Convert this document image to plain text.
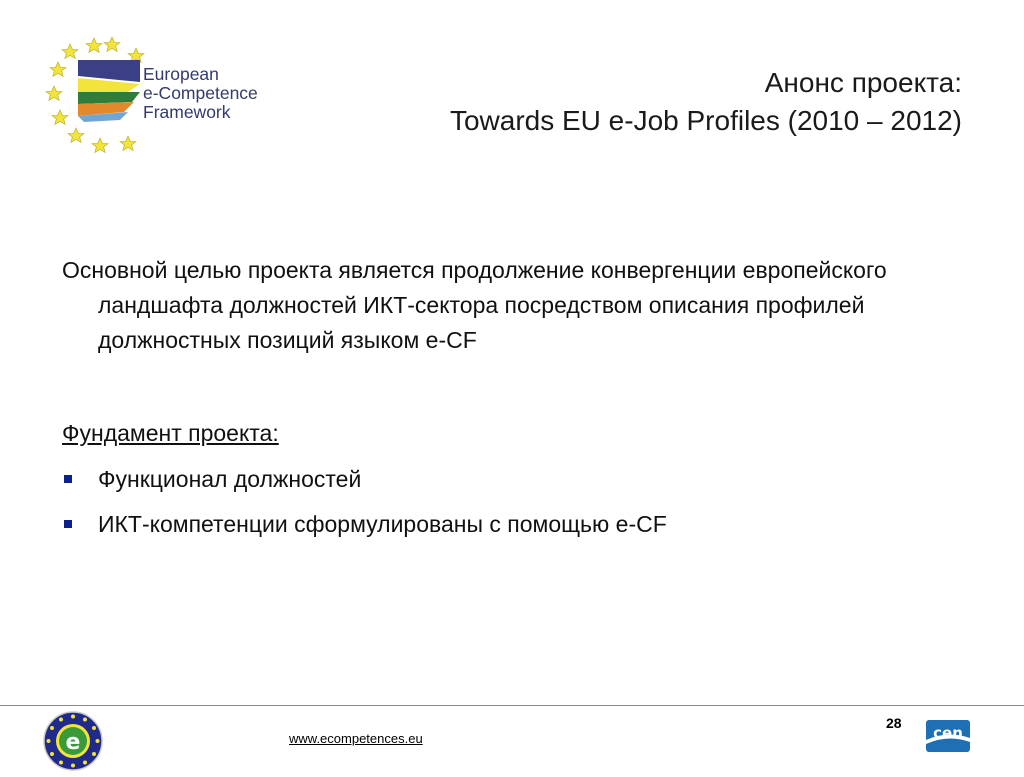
European
e-Competence
Framework
Анонс проекта:
Towards EU e-Job Profiles (2010 – 2012)

Основной целью проекта является продолжение конвергенции европейского ландшафта должностей ИКТ-сектора посредством описания профилей должностных позиций языком e-CF

Фундамент проекта:
Функционал должностей
ИКТ-компетенции сформулированы с помощью e-CF
e	www.ecompetences.eu
28
cen
